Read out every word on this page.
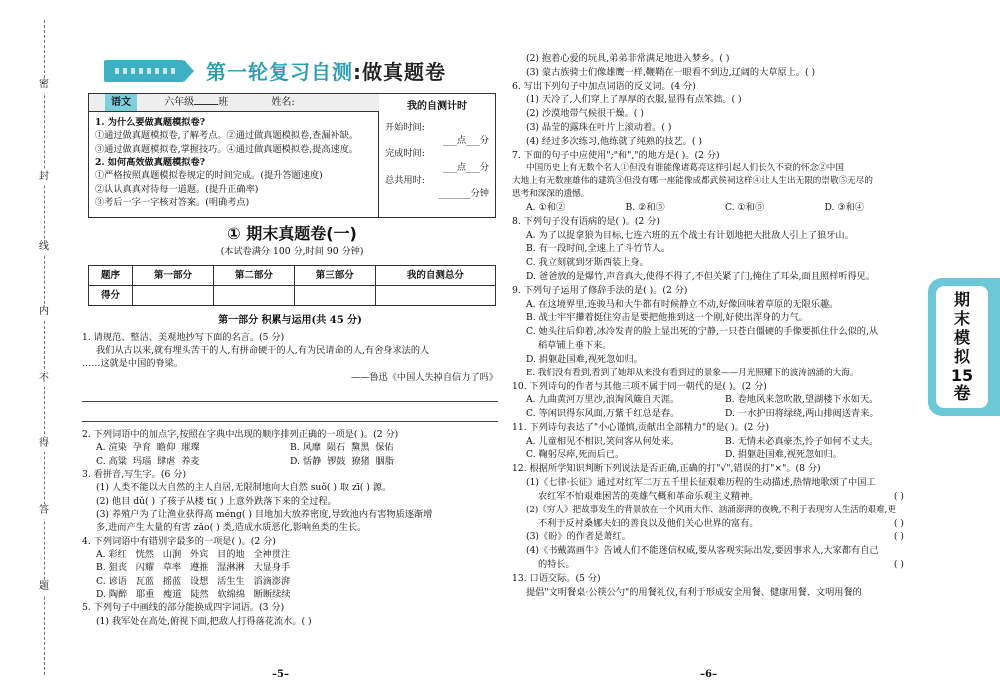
密
封
线
内
不
得
答
题
第一轮复习自测:做真题卷
语文	六年级 班	姓名:
1. 为什么要做真题模拟卷?
①通过做真题模拟卷,了解考点。②通过做真题模拟卷,查漏补缺。
③通过做真题模拟卷,掌握技巧。④通过做真题模拟卷,提高速度。
2. 如何高效做真题模拟卷?
①严格按照真题模拟卷规定的时间完成。(提升答题速度)
②认认真真对待每一道题。(提升正确率)
③考后一字一字核对答案。(明确考点)
我的自测计时
开始时间:
___点___分
完成时间:
___点___分
总共用时:
_______分钟
① 期末真题卷(一)
(本试卷满分 100 分,时间 90 分钟)
题序	第一部分	第二部分	第三部分	我的自测总分
得分				
第一部分 积累与运用(共 45 分)
1. 请规范、整洁、美观地抄写下面的名言。(5 分)
我们从古以来,就有埋头苦干的人,有拼命硬干的人,有为民请命的人,有舍身求法的人
……这就是中国的脊梁。
——鲁迅《中国人失掉自信力了吗》
2. 下列词语中的加点字,按照在字典中出现的顺序排列正确的一项是( )。(2 分)
A. 渲染 孕育 瞻仰 璀璨	B. 风靡 陨石 黧黑 保佑
C. 高粱 玛瑙 肆虐 养麦	D. 恬静 锣鼓 獠猪 胭脂
3. 看拼音,写生字。(6 分)
(1) 人类不能以大自然的主人自居,无限制地向大自然 suǒ( ) 取 zī( ) 源。
(2) 他目 dǔ( ) 了孩子从楼 tī( ) 上意外跌落下来的全过程。
(3) 养殖户为了让渔业获得高 méng( ) 目地加大放养密度,导致池内有害物质逐渐增
多,进而产生大量的有害 zǎo( ) 类,造成水质恶化,影响鱼类的生长。
4. 下列词语中有错别字最多的一项是( )。(2 分)
A. 彩红 恍然 山涧 外宾 目的地 全神贯注
B. 狙丧 闪耀 草率 遵推 湿淋淋 大显身手
C. 谚语 瓦蓝 摇蓝 设想 活生生 滔滴澎湃
D. 陶醉 耶重 瘦道 陡然 软绵绵 断断续续
5. 下列句子中画线的部分能换成四字词语。(3 分)
(1) 我军处在高处,俯视下面,把敌人打得落花流水。( )
(2) 抱着心爱的玩具,弟弟非常满足地进入梦乡。( )
(3) 蒙古族骑士们像雄鹰一样,鞭鞘在一眼看不到边,辽阔的大草原上。( )
6. 写出下列句子中加点词语的反义词。(4 分)
(1) 天冷了,人们穿上了厚厚的衣服,显得有点笨拙。( )
(2) 沙漠地带气候很干燥。( )
(3) 晶莹的露珠在叶片上滚动着。( )
(4) 经过多次练习,他练就了纯熟的技艺。( )
7. 下面的句子中应使用";"和","的地方是( )。(2 分)
中国历史上有无数个名人①但没有谁能像诸葛亮这样引起人们长久不衰的怀念②中国
大地上有无数座雄伟的建筑③但没有哪一座能像成都武侯祠这样④让人生出无限的崇敬⑤无尽的
思考和深深的遗憾。
A. ①和②	B. ②和⑤	C. ①和⑤	D. ③和④
8. 下列句子没有语病的是( )。(2 分)
A. 为了以捉拿狼为目标,七连六班的五个战士有计划地把大批敌人引上了狼牙山。
B. 有一段时间,全速上了斗竹节人。
C. 我立刻就到牙斯西装上身。
D. 爸爸放的是爆竹,声音真大,使得不得了,不但关紧了门,掩住了耳朵,面且照样听得见。
9. 下列句子运用了修辞手法的是( )。(2 分)
A. 在这境界里,连骏马和大牛都有时候静立不动,好像回味着草原的无限乐趣。
B. 战士牢牢攥着挺住穷击是要把他推到这一个刚,好使出浑身的力气。
C. 她头往后仰着,冰冷发青的脸上显出死的宁静,一只苍白僵硬的手像要抓住什么似的,从
稻草铺上垂下来。
D. 捐躯赴国难,视死忽如归。
E. 我们没有看到,看到了她却从来没有看到过的景象——月光照耀下的波涛汹涌的大海。
10. 下列诗句的作者与其他三项不属于同一朝代的是( )。(2 分)
A. 九曲黄河万里沙,浪淘风簸自天涯。	B. 卷地风来忽吹散,望湖楼下水如天。
C. 等闲识得东风面,万紫千红总是春。	D. 一水护田将绿绕,两山排闼送青来。
11. 下列诗句表达了"小心谨慎,贡献出全部精力"的是( )。(2 分)
A. 儿童相见不相识,笑问客从何处来。	B. 无情未必真豪杰,怜子如何不丈夫。
C. 鞠躬尽瘁,死而后已。	D. 捐躯赴国难,视死忽如归。
12. 根据所学知识判断下列说法是否正确,正确的打"√",错误的打"×"。(8 分)
(1)《七律·长征》通过对红军二万五千里长征艰难历程的生动描述,热情地歌颂了中国工
农红军不怕艰难困苦的英雄气概和革命乐观主义精神。	( )
(2)《穷人》把故事发生的背景放在一个风雨大作、汹涌澎湃的夜晚,不利于表现穷人生活的艰难,更
不利于反衬桑娜夫妇的善良以及他们关心世界的富有。	( )
(3)《盼》的作者是萧红。	( )
(4)《书戴嵩画牛》告诫人们不能迷信权威,要从客观实际出发,要因事求人,大家都有自己
的特长。	( )
13. 口语交际。(5 分)
提倡"文明餐桌·公筷公勺"的用餐礼仪,有利于形成安全用餐、健康用餐、文明用餐的
–5–	–6–
期
末
模
拟
15
卷
